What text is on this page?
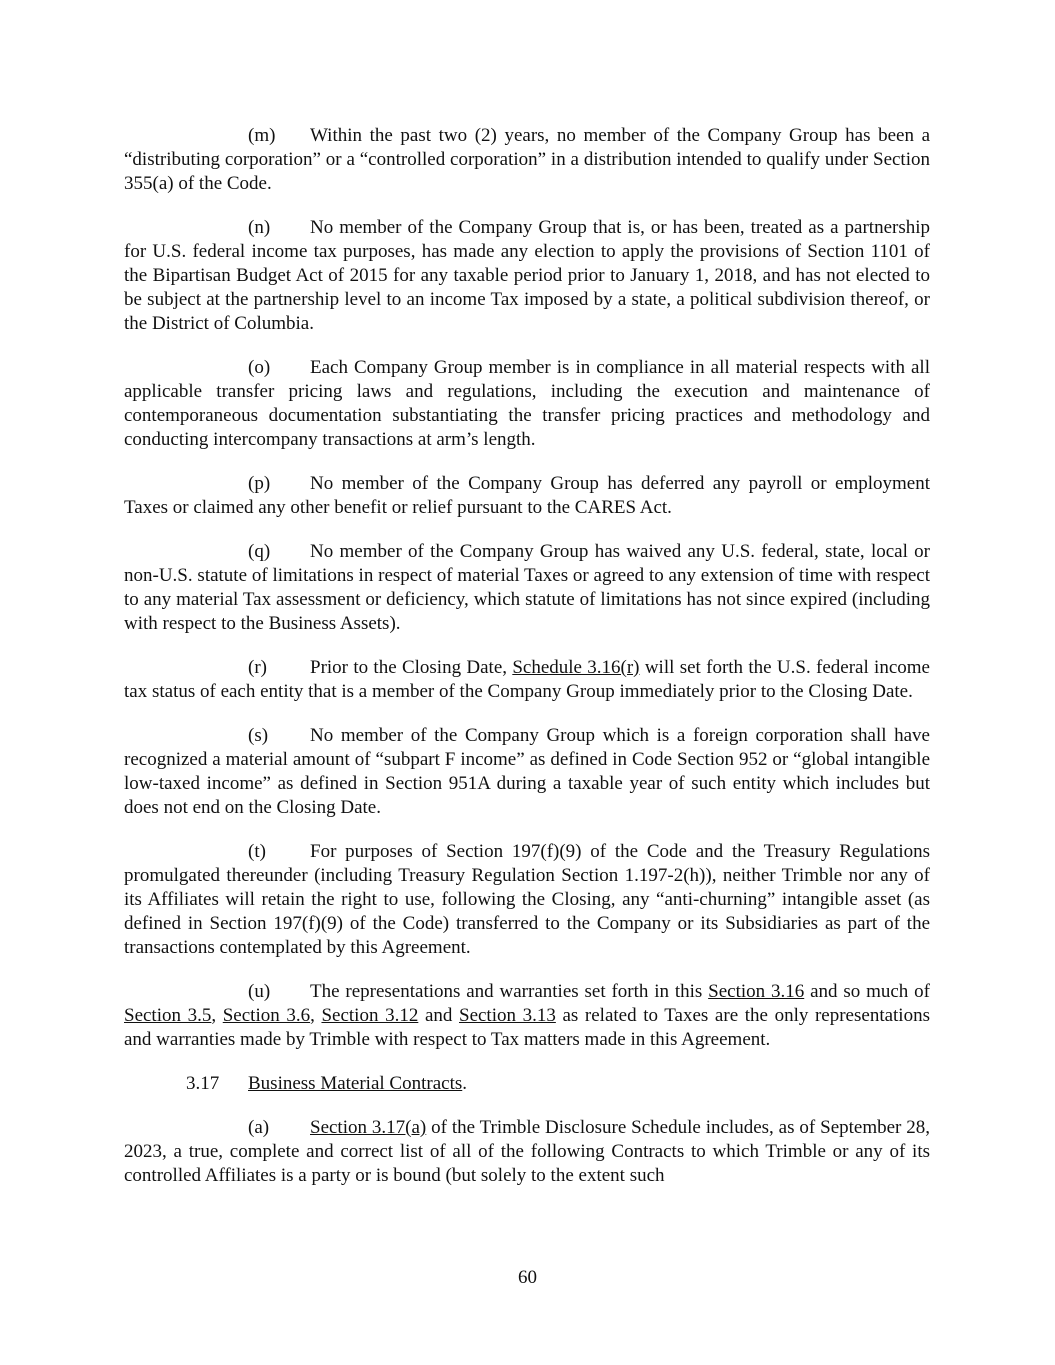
(m) Within the past two (2) years, no member of the Company Group has been a “distributing corporation” or a “controlled corporation” in a distribution intended to qualify under Section 355(a) of the Code.

(n) No member of the Company Group that is, or has been, treated as a partnership for U.S. federal income tax purposes, has made any election to apply the provisions of Section 1101 of the Bipartisan Budget Act of 2015 for any taxable period prior to January 1, 2018, and has not elected to be subject at the partnership level to an income Tax imposed by a state, a political subdivision thereof, or the District of Columbia.

(o) Each Company Group member is in compliance in all material respects with all applicable transfer pricing laws and regulations, including the execution and maintenance of contemporaneous documentation substantiating the transfer pricing practices and methodology and conducting intercompany transactions at arm’s length.

(p) No member of the Company Group has deferred any payroll or employment Taxes or claimed any other benefit or relief pursuant to the CARES Act.

(q) No member of the Company Group has waived any U.S. federal, state, local or non-U.S. statute of limitations in respect of material Taxes or agreed to any extension of time with respect to any material Tax assessment or deficiency, which statute of limitations has not since expired (including with respect to the Business Assets).

(r) Prior to the Closing Date, Schedule 3.16(r) will set forth the U.S. federal income tax status of each entity that is a member of the Company Group immediately prior to the Closing Date.

(s) No member of the Company Group which is a foreign corporation shall have recognized a material amount of “subpart F income” as defined in Code Section 952 or “global intangible low-taxed income” as defined in Section 951A during a taxable year of such entity which includes but does not end on the Closing Date.

(t) For purposes of Section 197(f)(9) of the Code and the Treasury Regulations promulgated thereunder (including Treasury Regulation Section 1.197-2(h)), neither Trimble nor any of its Affiliates will retain the right to use, following the Closing, any “anti-churning” intangible asset (as defined in Section 197(f)(9) of the Code) transferred to the Company or its Subsidiaries as part of the transactions contemplated by this Agreement.

(u) The representations and warranties set forth in this Section 3.16 and so much of Section 3.5, Section 3.6, Section 3.12 and Section 3.13 as related to Taxes are the only representations and warranties made by Trimble with respect to Tax matters made in this Agreement.

3.17 Business Material Contracts.

(a) Section 3.17(a) of the Trimble Disclosure Schedule includes, as of September 28, 2023, a true, complete and correct list of all of the following Contracts to which Trimble or any of its controlled Affiliates is a party or is bound (but solely to the extent such

60
